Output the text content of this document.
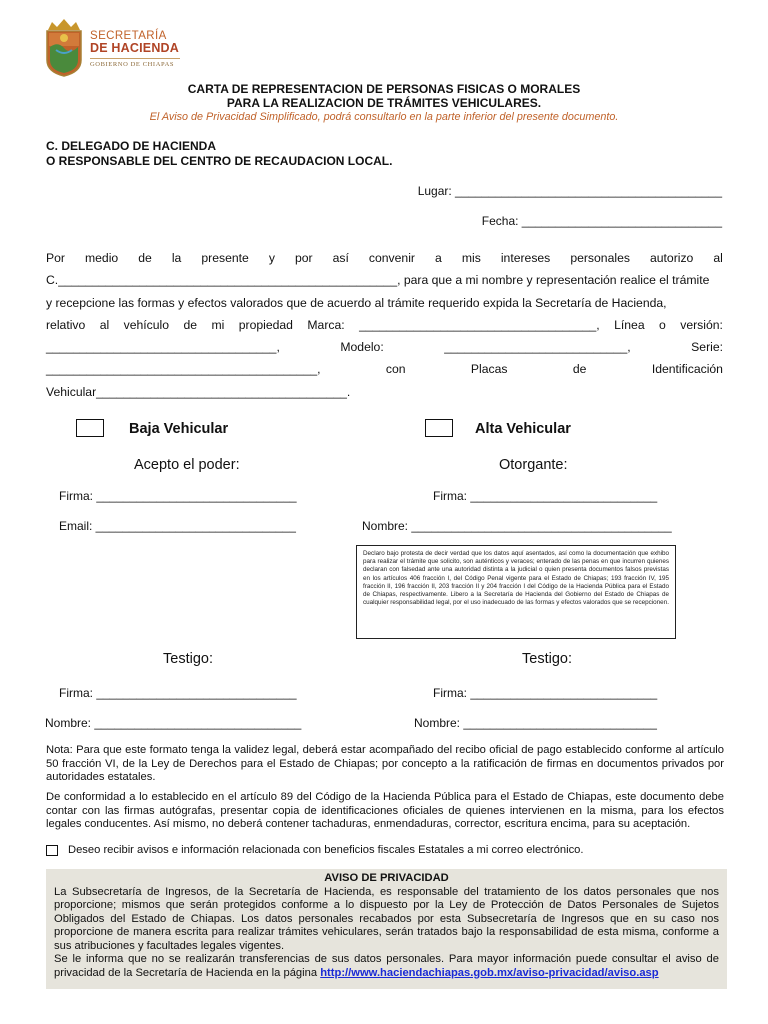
SECRETARÍA
DE HACIENDA
GOBIERNO DE CHIAPAS
CARTA DE REPRESENTACION DE PERSONAS FISICAS O MORALES
PARA LA REALIZACION DE TRÁMITES VEHICULARES.
El Aviso de Privacidad Simplificado, podrá consultarlo en la parte inferior del presente documento.
C. DELEGADO DE HACIENDA
O RESPONSABLE DEL CENTRO DE RECAUDACION LOCAL.
Lugar: ________________________________________
Fecha: ______________________________
Por medio de la presente y por así convenir a mis intereses personales autorizo al
C.__________________________________________________, para que a mi nombre y representación realice el trámite
y recepcione las formas y efectos valorados que de acuerdo al trámite requerido expida la Secretaría de Hacienda,
relativo al vehículo de mi propiedad Marca: ___________________________________, Línea o versión:
__________________________________,	Modelo:	___________________________,	Serie:
________________________________________,	con	Placas	de	Identificación
Vehicular_____________________________________.
Baja Vehicular	Alta Vehicular
Acepto el poder:	Otorgante:
Firma: ______________________________	Firma: ____________________________
Email: ______________________________	Nombre: _______________________________________
Declaro bajo protesta de decir verdad que los datos aquí asentados, así como la documentación que exhibo para realizar el trámite que solicito, son auténticos y veraces; enterado de las penas en que incurren quienes declaran con falsedad ante una autoridad distinta a la judicial o quien presenta documentos falsos previstas en los artículos 406 fracción I, del Código Penal vigente para el Estado de Chiapas; 193 fracción IV, 195 fracción II, 196 fracción II, 203 fracción II y 204 fracción I del Código de la Hacienda Pública para el Estado de Chiapas, respectivamente. Libero a la Secretaría de Hacienda del Gobierno del Estado de Chiapas de cualquier responsabilidad legal, por el uso inadecuado de las formas y efectos valorados que se recepcionen.
Testigo:	Testigo:
Firma: ______________________________	Firma: ____________________________
Nombre: _______________________________	Nombre: _____________________________
Nota: Para que este formato tenga la validez legal, deberá estar acompañado del recibo oficial de pago establecido conforme al artículo 50 fracción VI, de la Ley de Derechos para el Estado de Chiapas; por concepto a la ratificación de firmas en documentos privados por autoridades estatales.
De conformidad a lo establecido en el artículo 89 del Código de la Hacienda Pública para el Estado de Chiapas, este documento debe contar con las firmas autógrafas, presentar copia de identificaciones oficiales de quienes intervienen en la misma, para los efectos legales conducentes. Así mismo, no deberá contener tachaduras, enmendaduras, corrector, escritura encima, para su aceptación.
Deseo recibir avisos e información relacionada con beneficios fiscales Estatales a mi correo electrónico.
AVISO DE PRIVACIDAD
La Subsecretaría de Ingresos, de la Secretaría de Hacienda, es responsable del tratamiento de los datos personales que nos proporcione; mismos que serán protegidos conforme a lo dispuesto por la Ley de Protección de Datos Personales de Sujetos Obligados del Estado de Chiapas. Los datos personales recabados por esta Subsecretaría de Ingresos que en su caso nos proporcione de manera escrita para realizar trámites vehiculares, serán tratados bajo la responsabilidad de esta misma, conforme a sus atribuciones y facultades legales vigentes.
Se le informa que no se realizarán transferencias de sus datos personales. Para mayor información puede consultar el aviso de privacidad de la Secretaría de Hacienda en la página http://www.haciendachiapas.gob.mx/aviso-privacidad/aviso.asp
